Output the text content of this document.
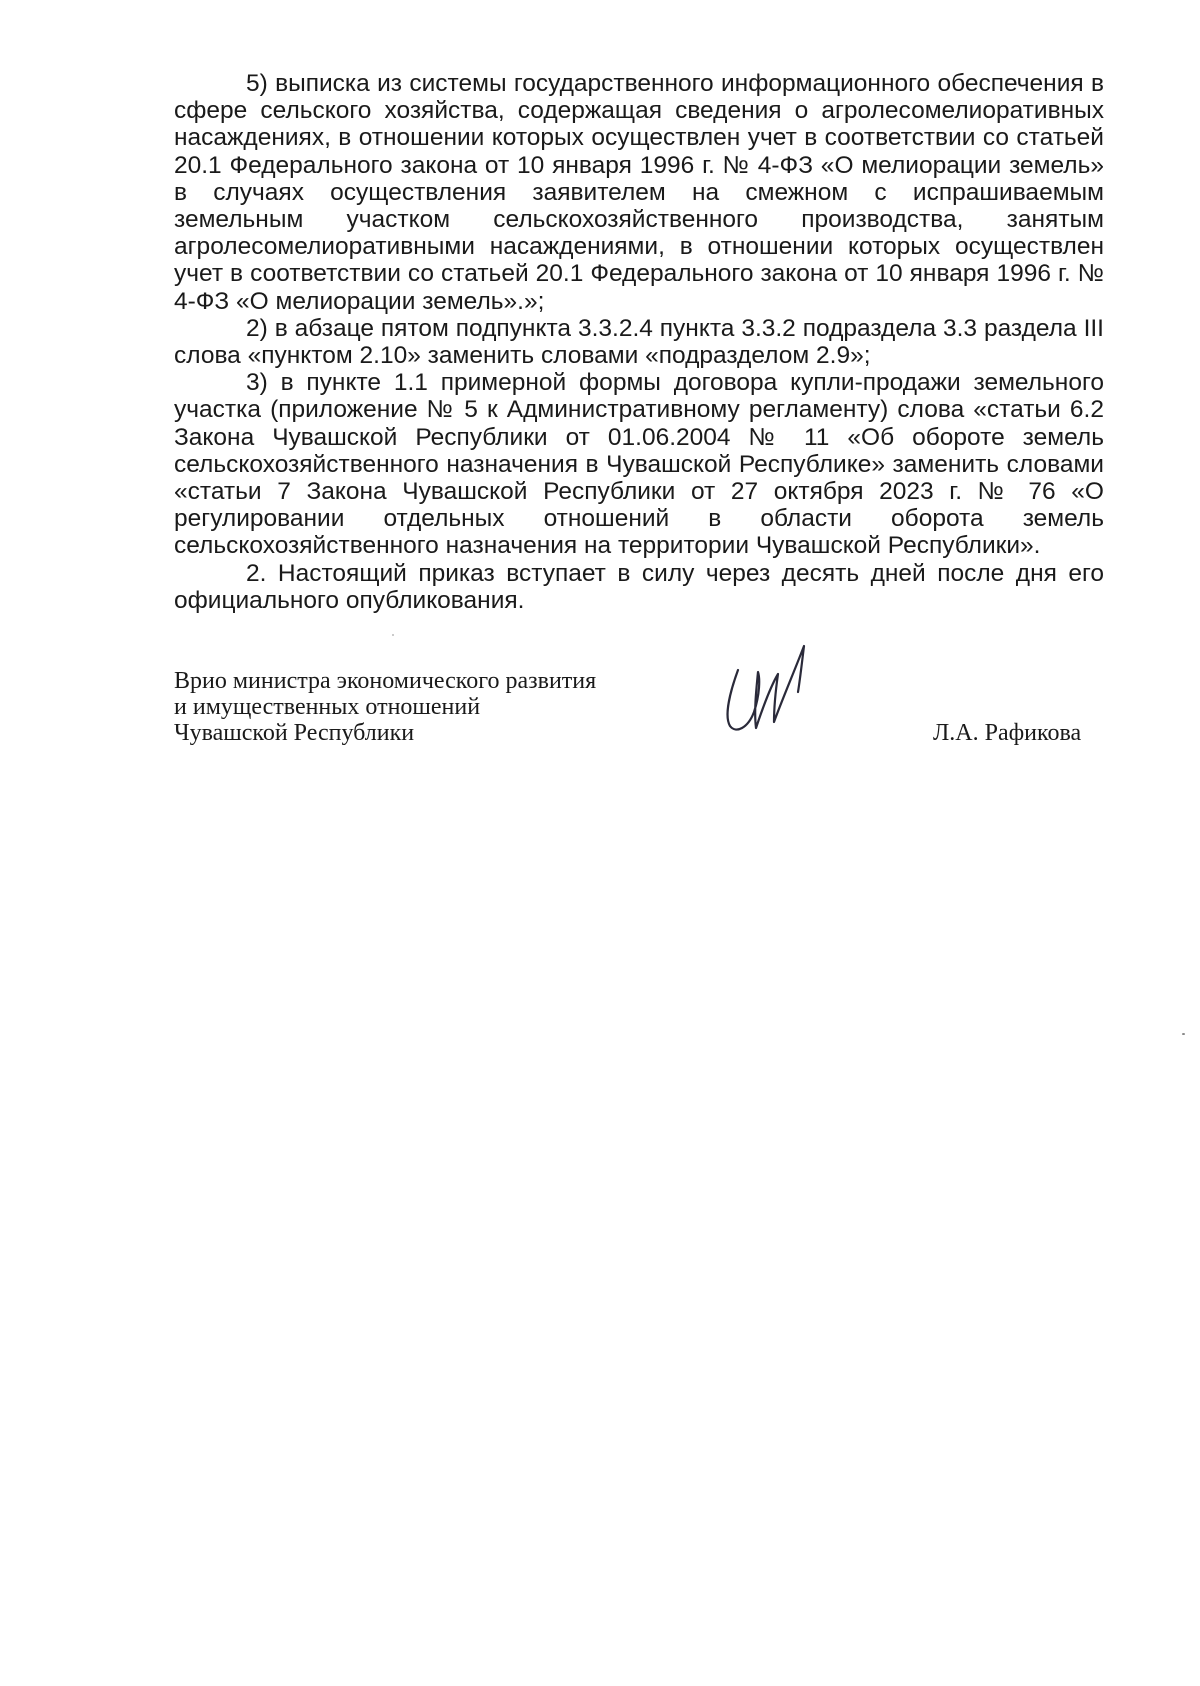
5) выписка из системы государственного информационного обеспечения в сфере сельского хозяйства, содержащая сведения о агролесомелиоративных насаждениях, в отношении которых осуществлен учет в соответствии со статьей 20.1 Федерального закона от 10 января 1996 г. № 4-ФЗ «О мелиорации земель» в случаях осуществления заявителем на смежном с испрашиваемым земельным участком сельскохозяйственного производства, занятым агролесомелиоративными насаждениями, в отношении которых осуществлен учет в соответствии со статьей 20.1 Федерального закона от 10 января 1996 г. № 4-ФЗ «О мелиорации земель».»;

2) в абзаце пятом подпункта 3.3.2.4 пункта 3.3.2 подраздела 3.3 раздела III слова «пунктом 2.10» заменить словами «подразделом 2.9»;

3) в пункте 1.1 примерной формы договора купли-продажи земельного участка (приложение № 5 к Административному регламенту) слова «статьи 6.2 Закона Чувашской Республики от 01.06.2004 № 11 «Об обороте земель сельскохозяйственного назначения в Чувашской Республике» заменить словами «статьи 7 Закона Чувашской Республики от 27 октября 2023 г. № 76 «О регулировании отдельных отношений в области оборота земель сельскохозяйственного назначения на территории Чувашской Республики».

2. Настоящий приказ вступает в силу через десять дней после дня его официального опубликования.

Врио министра экономического развития
и имущественных отношений
Чувашской Республики	Л.А. Рафикова
